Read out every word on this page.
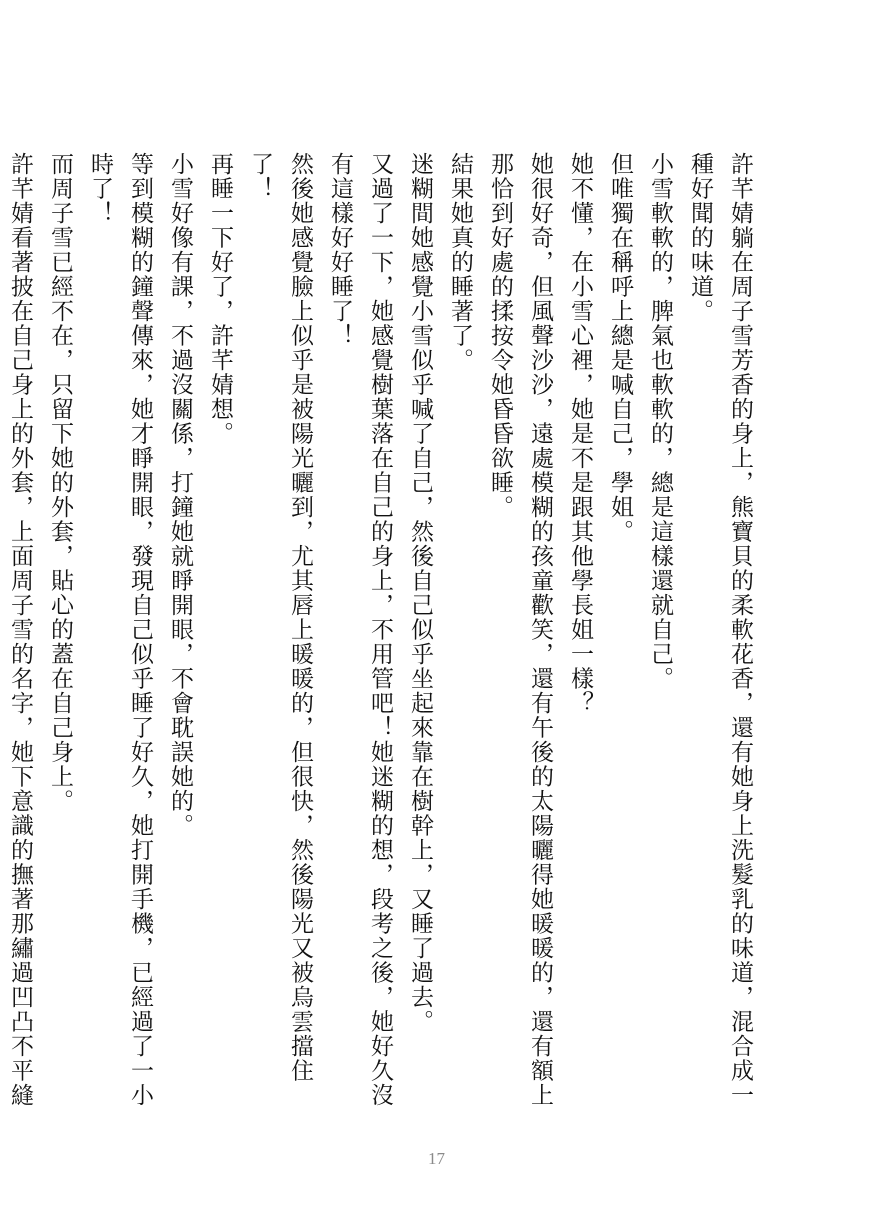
許芊婧躺在周子雪芳香的身上，熊寶貝的柔軟花香，還有她身上洗髮乳的味道，混合成一種好聞的味道。

小雪軟軟的，脾氣也軟軟的，總是這樣還就自己。

但唯獨在稱呼上總是喊自己，學姐。

她不懂，在小雪心裡，她是不是跟其他學長姐一樣？

她很好奇，但風聲沙沙，遠處模糊的孩童歡笑，還有午後的太陽曬得她暖暖的，還有額上那恰到好處的揉按令她昏昏欲睡。

結果她真的睡著了。

迷糊間她感覺小雪似乎喊了自己，然後自己似乎坐起來靠在樹幹上，又睡了過去。

又過了一下，她感覺樹葉落在自己的身上，不用管吧！她迷糊的想，段考之後，她好久沒有這樣好好睡了！

然後她感覺臉上似乎是被陽光曬到，尤其唇上暖暖的，但很快，然後陽光又被烏雲擋住了！

再睡一下好了，許芊婧想。

小雪好像有課，不過沒關係，打鐘她就睜開眼，不會耽誤她的。

等到模糊的鐘聲傳來，她才睜開眼，發現自己似乎睡了好久，她打開手機，已經過了一小時了！

而周子雪已經不在，只留下她的外套，貼心的蓋在自己身上。

許芊婧看著披在自己身上的外套，上面周子雪的名字，她下意識的撫著那繡過凹凸不平縫

17
